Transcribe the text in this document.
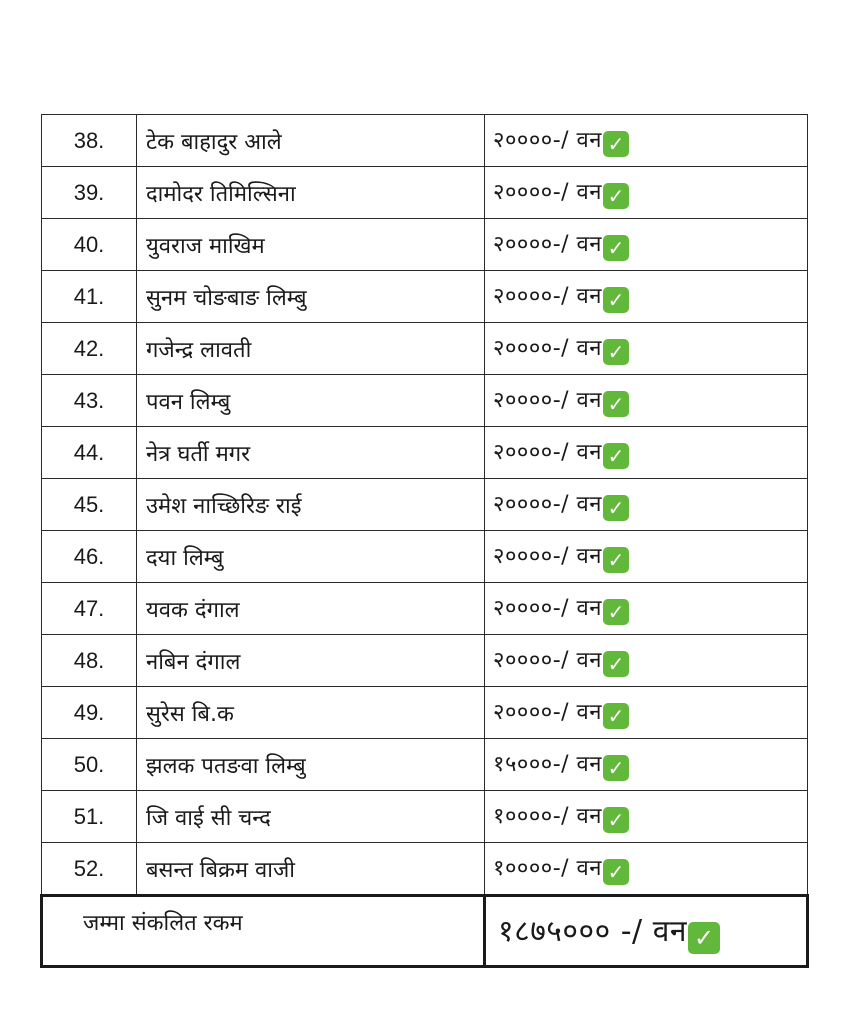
38.	टेक बाहादुर आले	२००००-/ वन ✓
39.	दामोदर तिमिल्सिना	२००००-/ वन ✓
40.	युवराज माखिम	२००००-/ वन ✓
41.	सुनम चोङबाङ लिम्बु	२००००-/ वन ✓
42.	गजेन्द्र लावती	२००००-/ वन ✓
43.	पवन लिम्बु	२००००-/ वन ✓
44.	नेत्र घर्ती मगर	२००००-/ वन ✓
45.	उमेश नाच्छिरिङ राई	२००००-/ वन ✓
46.	दया लिम्बु	२००००-/ वन ✓
47.	यवक दंगाल	२००००-/ वन ✓
48.	नबिन दंगाल	२००००-/ वन ✓
49.	सुरेस बि.क	२००००-/ वन ✓
50.	झलक पतङवा लिम्बु	१५०००-/ वन ✓
51.	जि वाई सी चन्द	१००००-/ वन ✓
52.	बसन्त बिक्रम वाजी	१००००-/ वन ✓
जम्मा संकलित रकम		१८७५००० -/ वन ✓
